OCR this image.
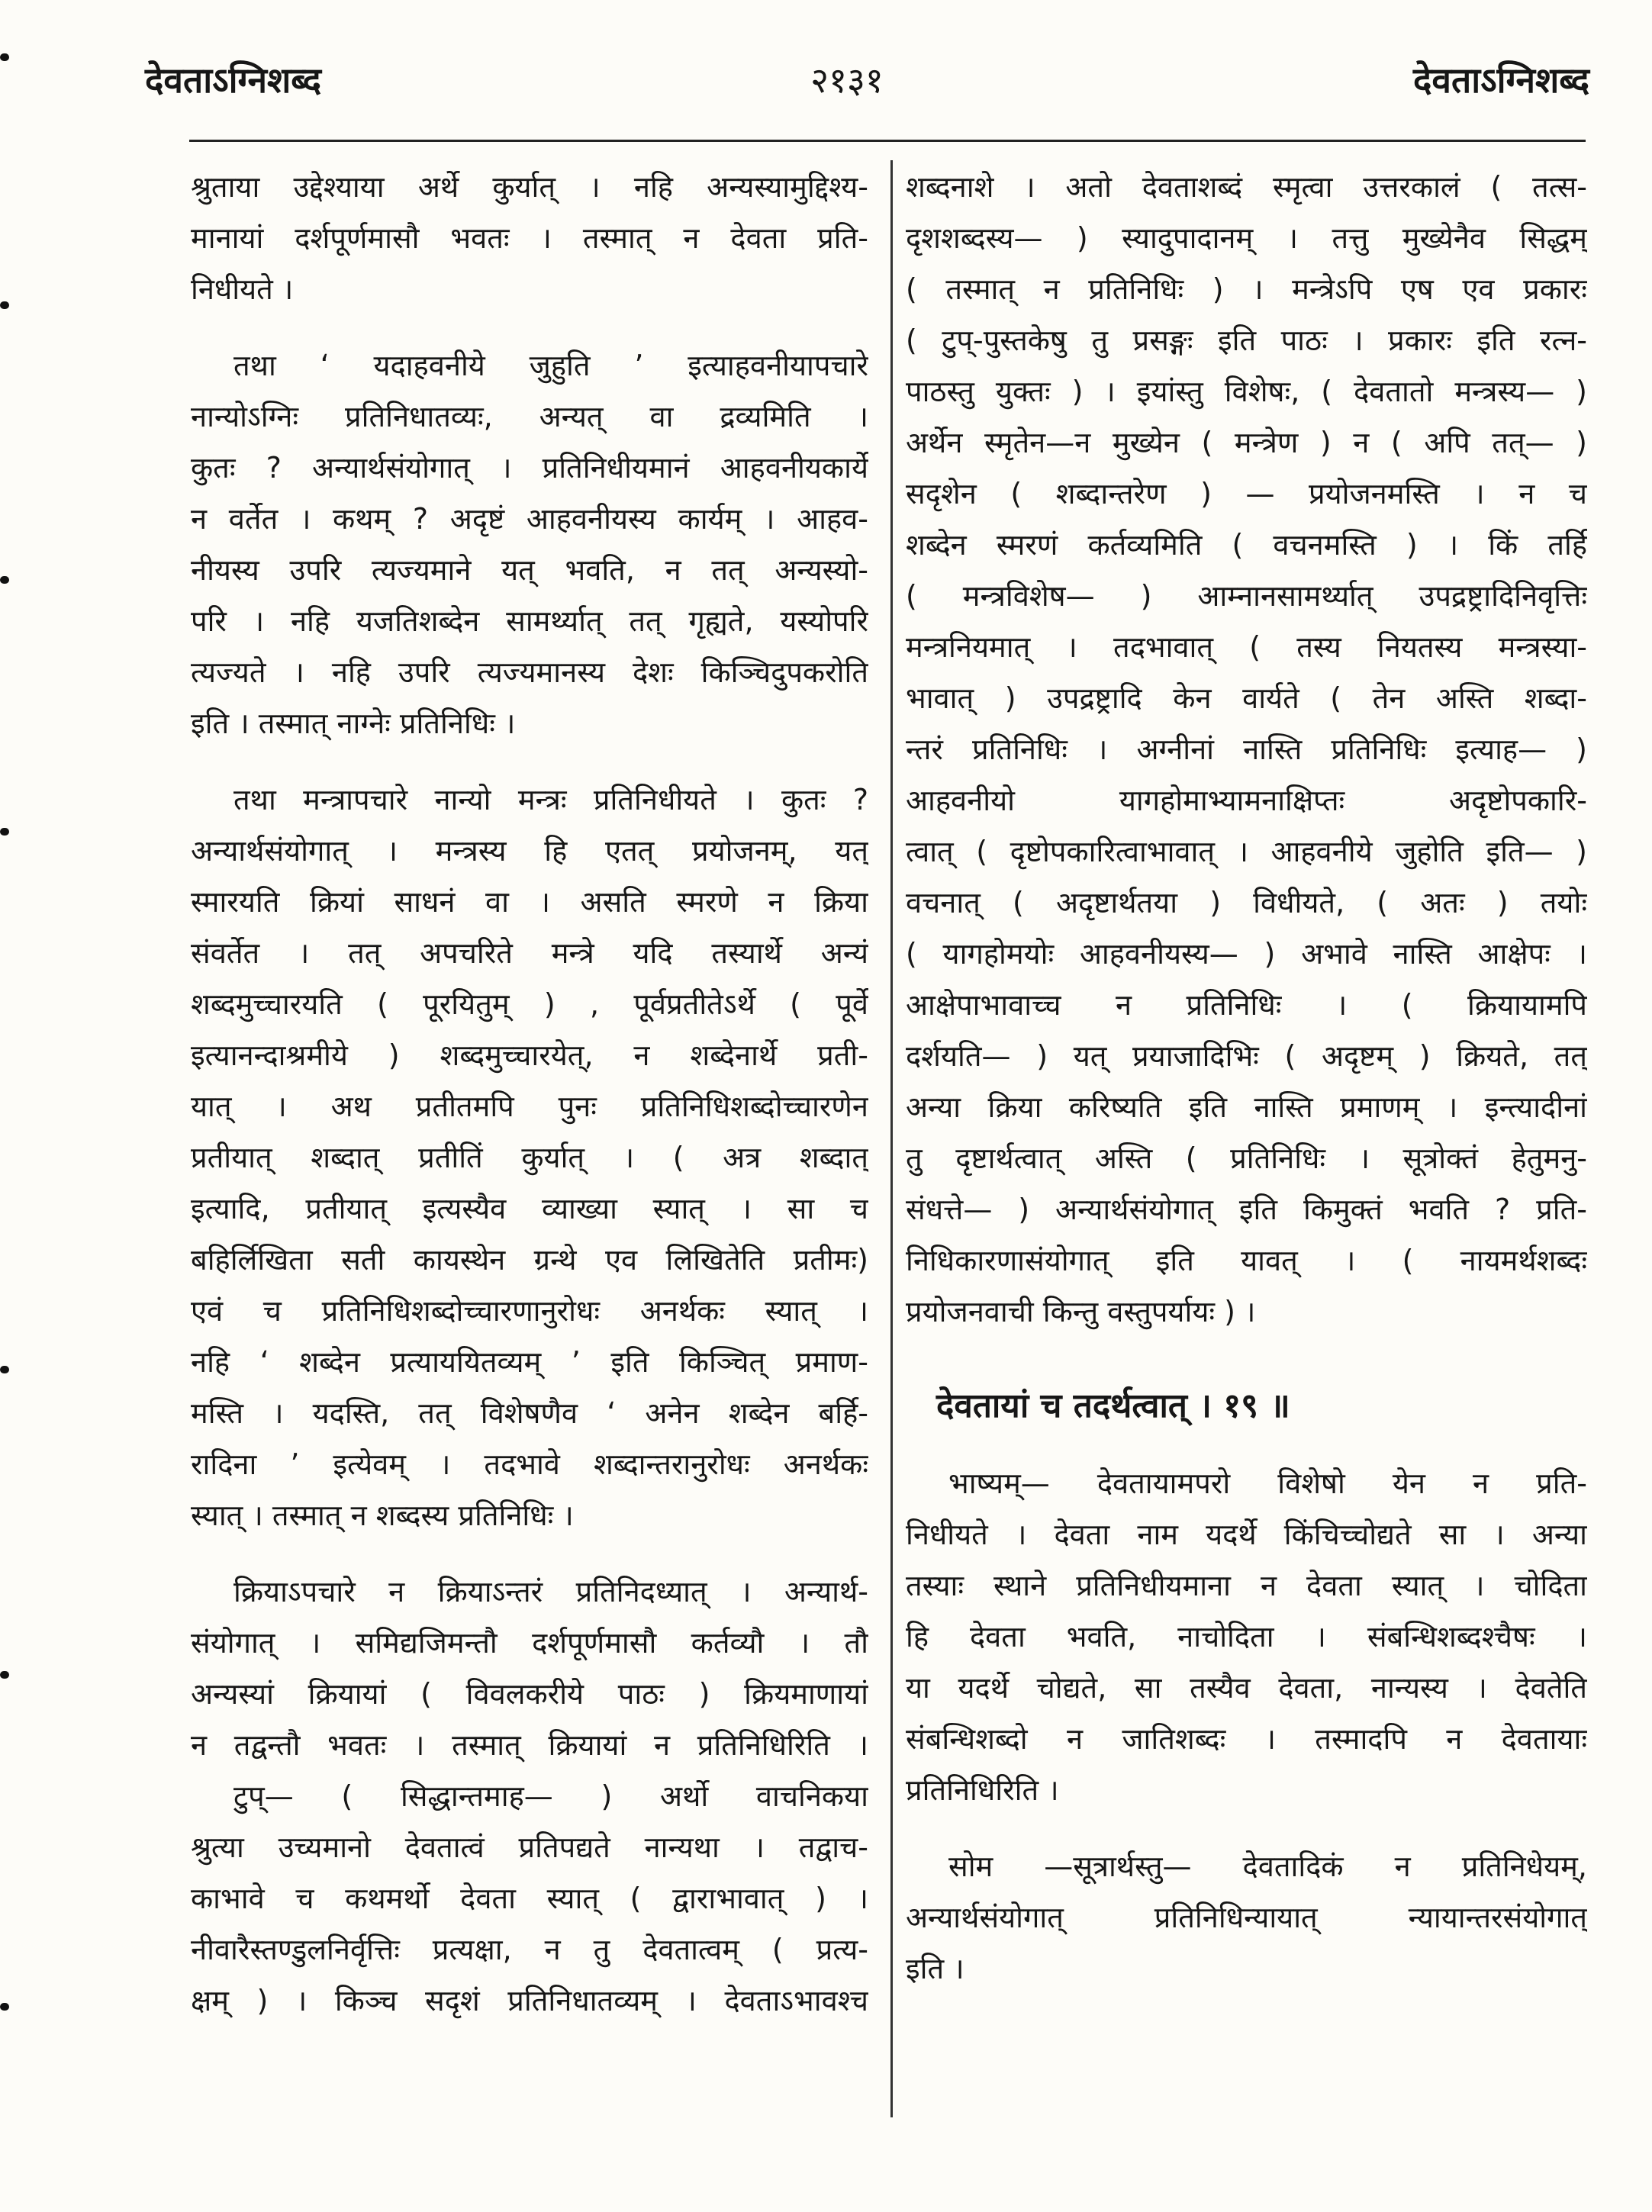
देवताऽग्निशब्द	२१३१	देवताऽग्निशब्द

श्रुताया उद्देश्याया अर्थे कुर्यात् । नहि अन्यस्यामुद्दिश्य-

मानायां दर्शपूर्णमासौ भवतः । तस्मात् न देवता प्रति-

निधीयते ।

तथा ‘ यदाहवनीये जुहुति ’ इत्याहवनीयापचारे

नान्योऽग्निः प्रतिनिधातव्यः, अन्यत् वा द्रव्यमिति ।

कुतः ? अन्यार्थसंयोगात् । प्रतिनिधीयमानं आहवनीयकार्ये

न वर्तेत । कथम् ? अदृष्टं आहवनीयस्य कार्यम् । आहव-

नीयस्य उपरि त्यज्यमाने यत् भवति, न तत् अन्यस्यो-

परि । नहि यजतिशब्देन सामर्थ्यात् तत् गृह्यते, यस्योपरि

त्यज्यते । नहि उपरि त्यज्यमानस्य देशः किञ्चिदुपकरोति

इति । तस्मात् नाग्नेः प्रतिनिधिः ।

तथा मन्त्रापचारे नान्यो मन्त्रः प्रतिनिधीयते । कुतः ?

अन्यार्थसंयोगात् । मन्त्रस्य हि एतत् प्रयोजनम्, यत्

स्मारयति क्रियां साधनं वा । असति स्मरणे न क्रिया

संवर्तेत । तत् अपचरिते मन्त्रे यदि तस्यार्थे अन्यं

शब्दमुच्चारयति ( पूरयितुम् ) , पूर्वप्रतीतेऽर्थे ( पूर्वे

इत्यानन्दाश्रमीये ) शब्दमुच्चारयेत्, न शब्देनार्थे प्रती-

यात् । अथ प्रतीतमपि पुनः प्रतिनिधिशब्दोच्चारणेन

प्रतीयात् शब्दात् प्रतीतिं कुर्यात् । ( अत्र शब्दात्

इत्यादि, प्रतीयात् इत्यस्यैव व्याख्या स्यात् । सा च

बहिर्लिखिता सती कायस्थेन ग्रन्थे एव लिखितेति प्रतीमः)

एवं च प्रतिनिधिशब्दोच्चारणानुरोधः अनर्थकः स्यात् ।

नहि ‘ शब्देन प्रत्याययितव्यम् ’ इति किञ्चित् प्रमाण-

मस्ति । यदस्ति, तत् विशेषणैव ‘ अनेन शब्देन बर्हि-

रादिना ’ इत्येवम् । तदभावे शब्दान्तरानुरोधः अनर्थकः

स्यात् । तस्मात् न शब्दस्य प्रतिनिधिः ।

क्रियाऽपचारे न क्रियाऽन्तरं प्रतिनिदध्यात् । अन्यार्थ-

संयोगात् । समिद्यजिमन्तौ दर्शपूर्णमासौ कर्तव्यौ । तौ

अन्यस्यां क्रियायां ( विवलकरीये पाठः ) क्रियमाणायां

न तद्वन्तौ भवतः । तस्मात् क्रियायां न प्रतिनिधिरिति ।

टुप्— ( सिद्धान्तमाह— ) अर्थो वाचनिकया

श्रुत्या उच्यमानो देवतात्वं प्रतिपद्यते नान्यथा । तद्वाच-

काभावे च कथमर्थो देवता स्यात् ( द्वाराभावात् ) ।

नीवारैस्तण्डुलनिर्वृत्तिः प्रत्यक्षा, न तु देवतात्वम् ( प्रत्य-

क्षम् ) । किञ्च सदृशं प्रतिनिधातव्यम् । देवताऽभावश्च

शब्दनाशे । अतो देवताशब्दं स्मृत्वा उत्तरकालं ( तत्स-

दृशशब्दस्य— ) स्यादुपादानम् । तत्तु मुख्येनैव सिद्धम्

( तस्मात् न प्रतिनिधिः ) । मन्त्रेऽपि एष एव प्रकारः

( टुप्-पुस्तकेषु तु प्रसङ्गः इति पाठः । प्रकारः इति रत्न-

पाठस्तु युक्तः ) । इयांस्तु विशेषः, ( देवतातो मन्त्रस्य— )

अर्थेन स्मृतेन—न मुख्येन ( मन्त्रेण ) न ( अपि तत्— )

सदृशेन ( शब्दान्तरेण ) — प्रयोजनमस्ति । न च

शब्देन स्मरणं कर्तव्यमिति ( वचनमस्ति ) । किं तर्हि

( मन्त्रविशेष— ) आम्नानसामर्थ्यात् उपद्रष्ट्रादिनिवृत्तिः

मन्त्रनियमात् । तदभावात् ( तस्य नियतस्य मन्त्रस्या-

भावात् ) उपद्रष्ट्रादि केन वार्यते ( तेन अस्ति शब्दा-

न्तरं प्रतिनिधिः । अग्नीनां नास्ति प्रतिनिधिः इत्याह— )

आहवनीयो यागहोमाभ्यामनाक्षिप्तः अदृष्टोपकारि-

त्वात् ( दृष्टोपकारित्वाभावात् । आहवनीये जुहोति इति— )

वचनात् ( अदृष्टार्थतया ) विधीयते, ( अतः ) तयोः

( यागहोमयोः आहवनीयस्य— ) अभावे नास्ति आक्षेपः ।

आक्षेपाभावाच्च न प्रतिनिधिः । ( क्रियायामपि

दर्शयति— ) यत् प्रयाजादिभिः ( अदृष्टम् ) क्रियते, तत्

अन्या क्रिया करिष्यति इति नास्ति प्रमाणम् । इन्त्यादीनां

तु दृष्टार्थत्वात् अस्ति ( प्रतिनिधिः । सूत्रोक्तं हेतुमनु-

संधत्ते— ) अन्यार्थसंयोगात् इति किमुक्तं भवति ? प्रति-

निधिकारणासंयोगात् इति यावत् । ( नायमर्थशब्दः

प्रयोजनवाची किन्तु वस्तुपर्यायः ) ।

देवतायां च तदर्थत्वात् । १९ ॥

भाष्यम्— देवतायामपरो विशेषो येन न प्रति-

निधीयते । देवता नाम यदर्थे किंचिच्चोद्यते सा । अन्या

तस्याः स्थाने प्रतिनिधीयमाना न देवता स्यात् । चोदिता

हि देवता भवति, नाचोदिता । संबन्धिशब्दश्चैषः ।

या यदर्थे चोद्यते, सा तस्यैव देवता, नान्यस्य । देवतेति

संबन्धिशब्दो न जातिशब्दः । तस्मादपि न देवतायाः

प्रतिनिधिरिति ।

सोम —सूत्रार्थस्तु— देवतादिकं न प्रतिनिधेयम्,

अन्यार्थसंयोगात् प्रतिनिधिन्यायात् न्यायान्तरसंयोगात्

इति ।
